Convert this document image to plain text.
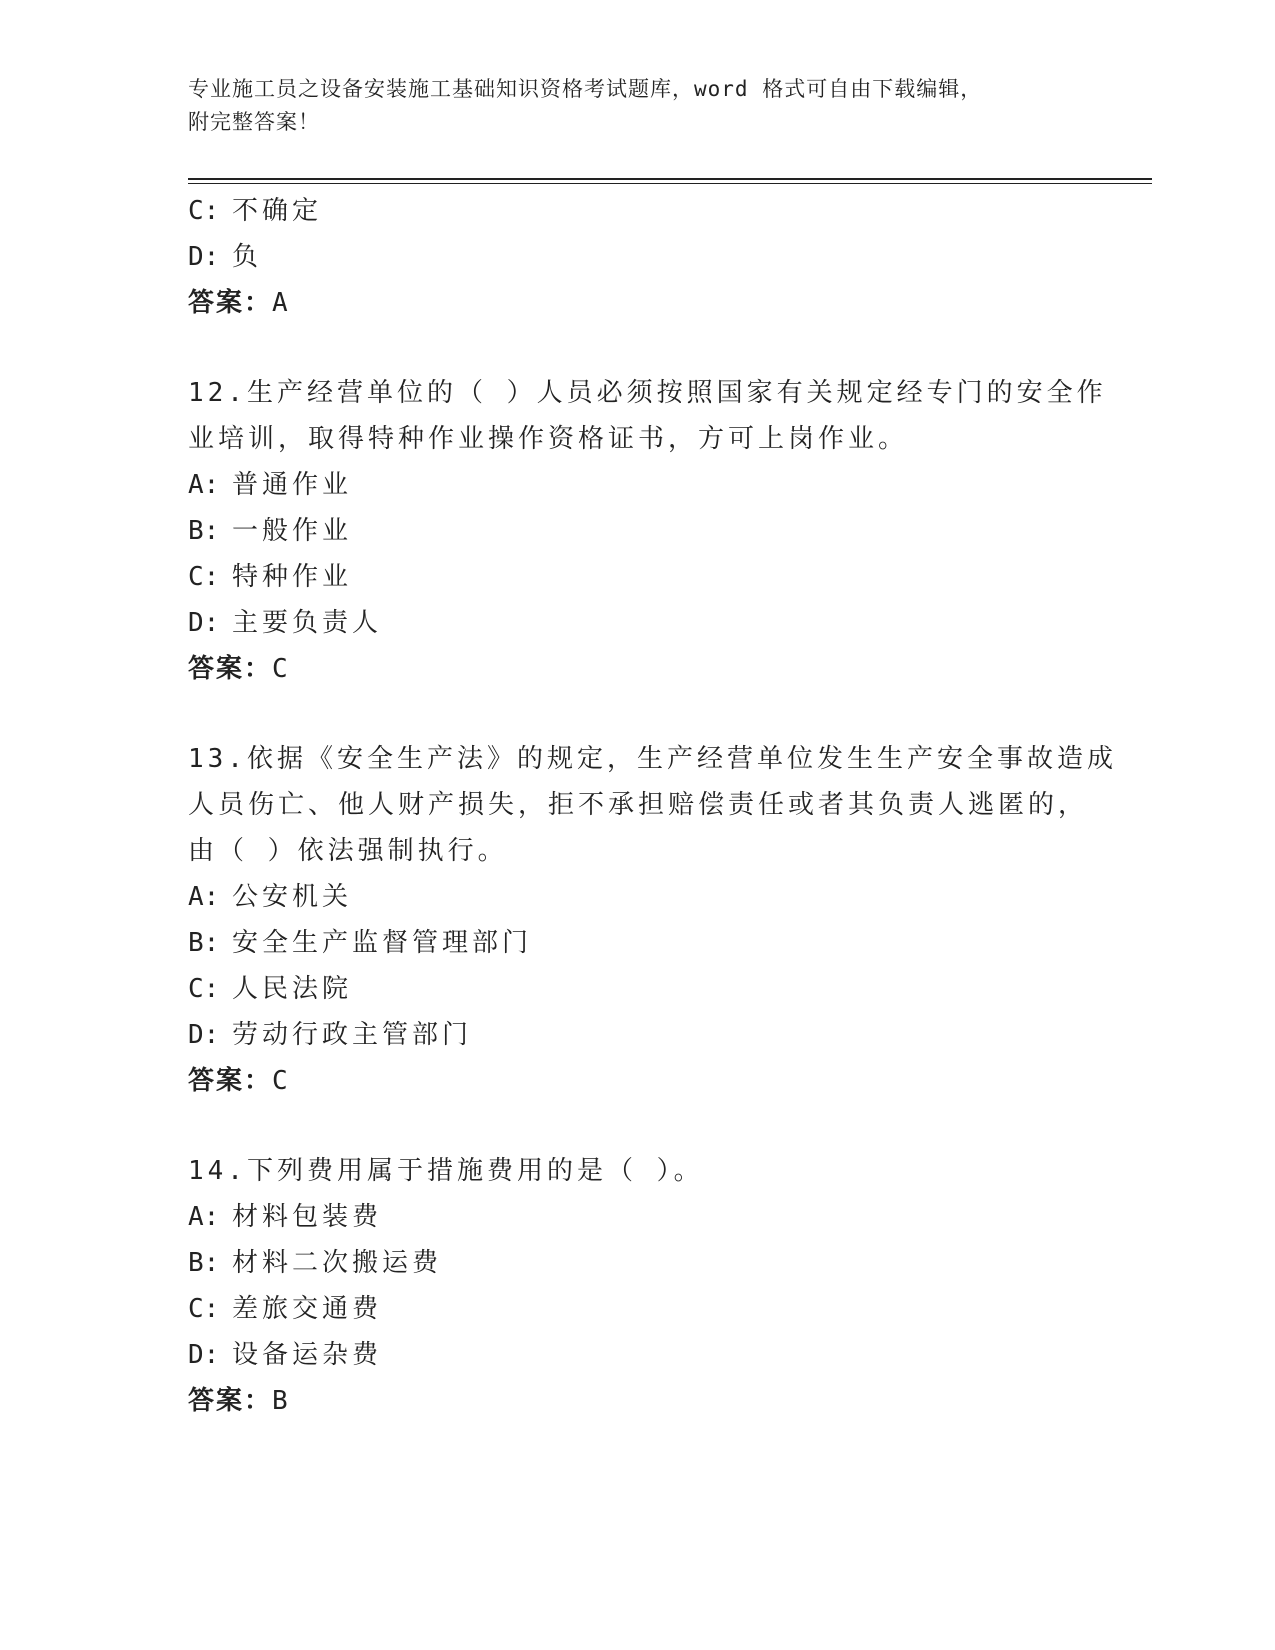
专业施工员之设备安装施工基础知识资格考试题库，word 格式可自由下载编辑，
附完整答案！
C: 不确定
D: 负
答案：A
12.生产经营单位的（ ）人员必须按照国家有关规定经专门的安全作
业培训，取得特种作业操作资格证书，方可上岗作业。
A: 普通作业
B: 一般作业
C: 特种作业
D: 主要负责人
答案：C
13.依据《安全生产法》的规定，生产经营单位发生生产安全事故造成
人员伤亡、他人财产损失，拒不承担赔偿责任或者其负责人逃匿的，
由（ ）依法强制执行。
A: 公安机关
B: 安全生产监督管理部门
C: 人民法院
D: 劳动行政主管部门
答案：C
14.下列费用属于措施费用的是（ ）。
A: 材料包装费
B: 材料二次搬运费
C: 差旅交通费
D: 设备运杂费
答案：B
